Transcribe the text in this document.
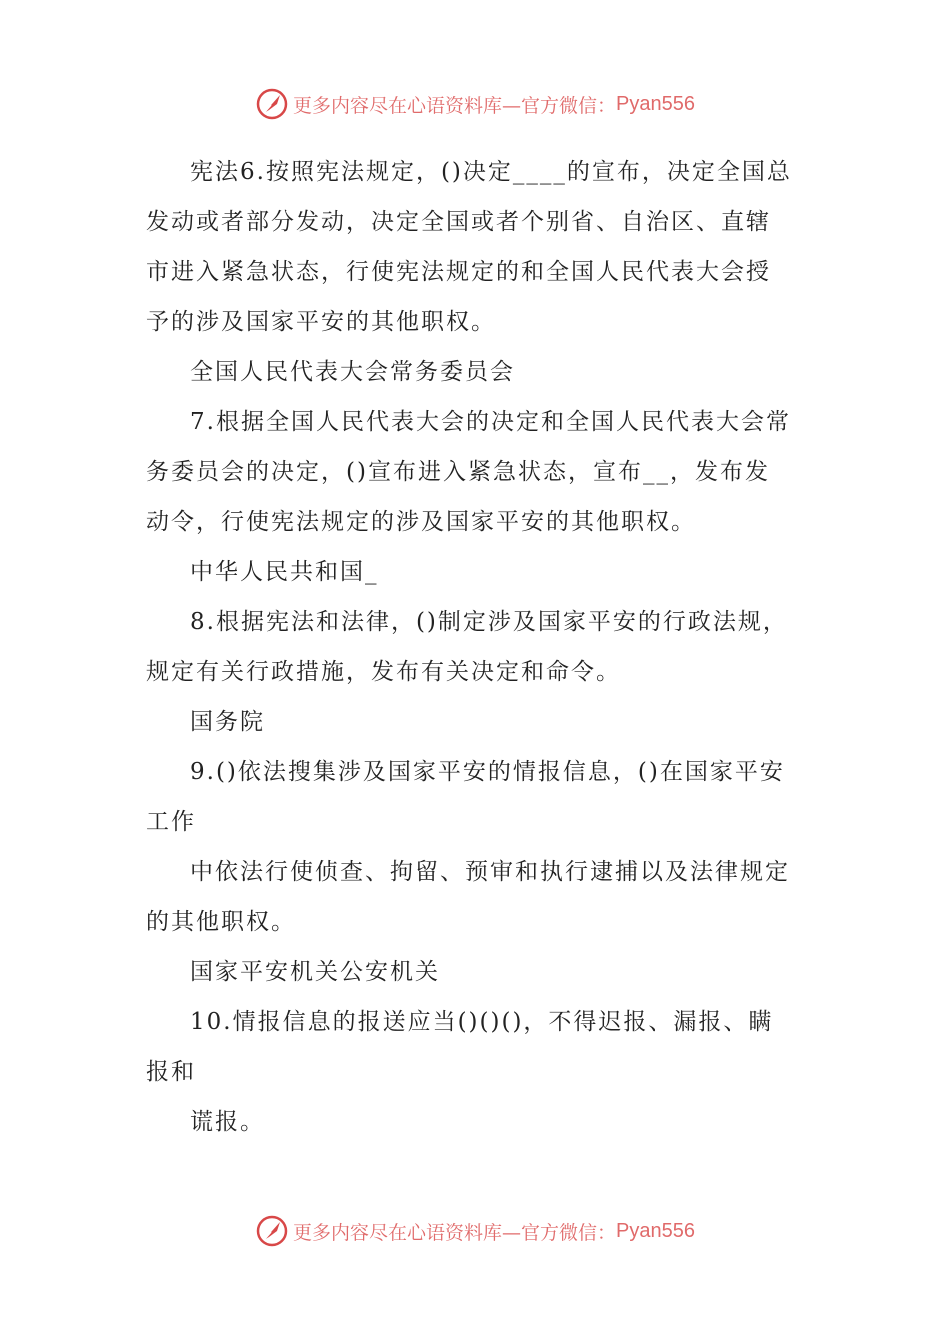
更多内容尽在心语资料库—官方微信： Pyan556

宪法6.按照宪法规定，()决定____的宣布，决定全国总

发动或者部分发动，决定全国或者个别省、自治区、直辖

市进入紧急状态，行使宪法规定的和全国人民代表大会授

予的涉及国家平安的其他职权。

全国人民代表大会常务委员会

7.根据全国人民代表大会的决定和全国人民代表大会常

务委员会的决定，()宣布进入紧急状态，宣布__，发布发

动令，行使宪法规定的涉及国家平安的其他职权。

中华人民共和国_

8.根据宪法和法律，()制定涉及国家平安的行政法规，

规定有关行政措施，发布有关决定和命令。

国务院

9.()依法搜集涉及国家平安的情报信息，()在国家平安

工作

中依法行使侦查、拘留、预审和执行逮捕以及法律规定

的其他职权。

国家平安机关公安机关

10.情报信息的报送应当()()()，不得迟报、漏报、瞒

报和

谎报。

更多内容尽在心语资料库—官方微信： Pyan556
